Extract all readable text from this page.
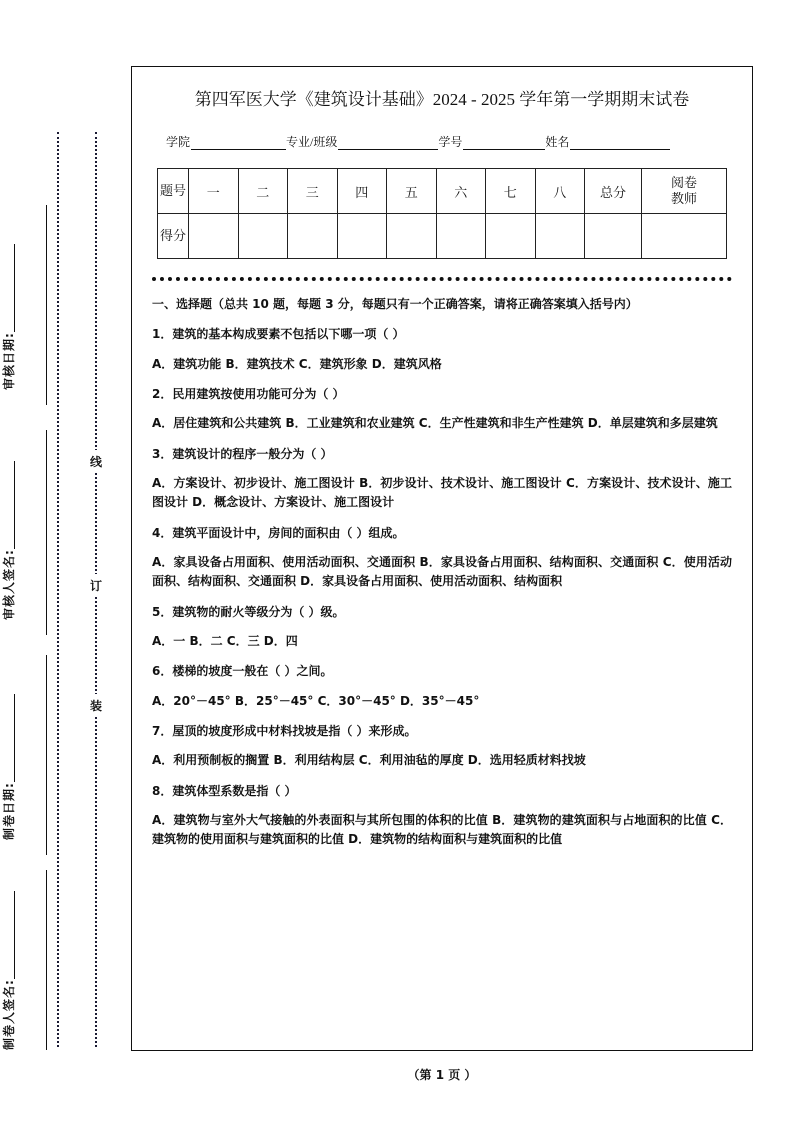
审核日期:
审核人签名:
制卷日期:
制卷人签名:
线
订
装
第四军医大学《建筑设计基础》2024 - 2025 学年第一学期期末试卷
学院	专业/班级	学号	姓名
题号	一	二	三	四	五	六	七	八	总分	阅卷
教师

得分										

一、选择题（总共 10 题，每题 3 分，每题只有一个正确答案，请将正确答案填入括号内）
1．建筑的基本构成要素不包括以下哪一项（ ）
A．建筑功能 B．建筑技术 C．建筑形象 D．建筑风格
2．民用建筑按使用功能可分为（ ）
A．居住建筑和公共建筑 B．工业建筑和农业建筑 C．生产性建筑和非生产性建筑 D．单层建筑和多层建筑
3．建筑设计的程序一般分为（ ）
A．方案设计、初步设计、施工图设计 B．初步设计、技术设计、施工图设计 C．方案设计、技术设计、施工图设计 D．概念设计、方案设计、施工图设计
4．建筑平面设计中，房间的面积由（ ）组成。
A．家具设备占用面积、使用活动面积、交通面积 B．家具设备占用面积、结构面积、交通面积 C．使用活动面积、结构面积、交通面积 D．家具设备占用面积、使用活动面积、结构面积
5．建筑物的耐火等级分为（ ）级。
A．一 B．二 C．三 D．四
6．楼梯的坡度一般在（ ）之间。
A．20°－45° B．25°－45° C．30°－45° D．35°－45°
7．屋顶的坡度形成中材料找坡是指（ ）来形成。
A．利用预制板的搁置 B．利用结构层 C．利用油毡的厚度 D．选用轻质材料找坡
8．建筑体型系数是指（ ）
A．建筑物与室外大气接触的外表面积与其所包围的体积的比值 B．建筑物的建筑面积与占地面积的比值 C．建筑物的使用面积与建筑面积的比值 D．建筑物的结构面积与建筑面积的比值
（第 1 页 ）
